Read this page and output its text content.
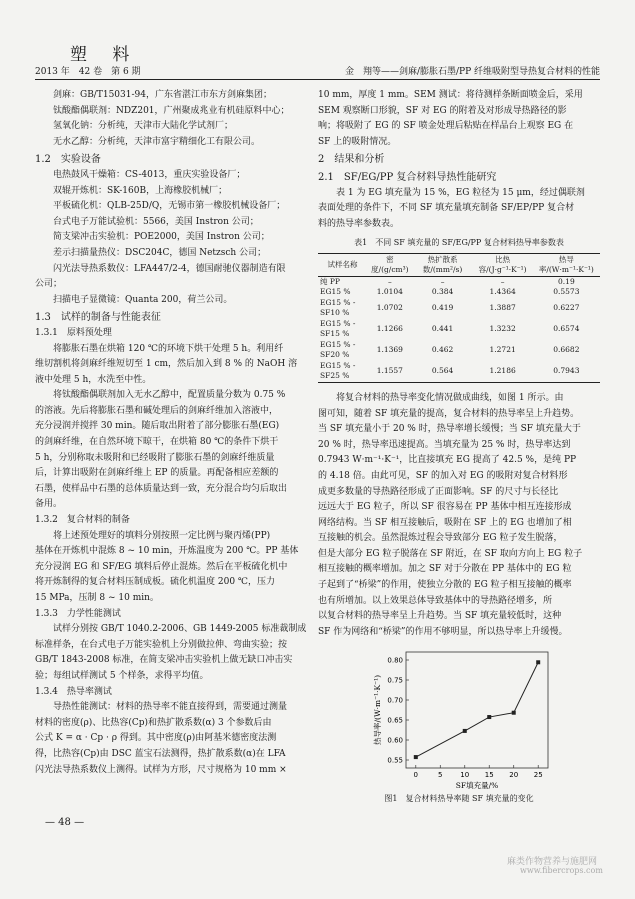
塑 料
2013 年　42 卷　第 6 期	金　翔等——剑麻/膨胀石墨/PP 纤维吸附型导热复合材料的性能
剑麻：GB/T15031-94，广东省湛江市东方剑麻集团；
钛酸酯偶联剂：NDZ201，广州聚成兆业有机硅原料中心；
氢氧化钠：分析纯，天津市大陆化学试剂厂；
无水乙醇：分析纯，天津市富宇精细化工有限公司。
1.2　实验设备
电热鼓风干燥箱：CS-4013，重庆实验设备厂；
双辊开炼机：SK-160B，上海橡胶机械厂；
平板硫化机：QLB-25D/Q，无锡市第一橡胶机械设备厂；
台式电子万能试验机：5566，美国 Instron 公司；
简支梁冲击实验机：POE2000，美国 Instron 公司；
差示扫描量热仪：DSC204C，德国 Netzsch 公司；
闪光法导热系数仪：LFA447/2-4，德国耐驰仪器制造有限
公司；
扫描电子显微镜：Quanta 200，荷兰公司。
1.3　试样的制备与性能表征
1.3.1　原料预处理
将膨胀石墨在烘箱 120 ℃的环境下烘干处理 5 h。利用纤
维切割机将剑麻纤维短切至 1 cm，然后加入到 8 % 的 NaOH 溶
液中处理 5 h，水洗至中性。
将钛酸酯偶联剂加入无水乙醇中，配置质量分数为 0.75 %
的溶液。先后将膨胀石墨和碱处理后的剑麻纤维加入溶液中，
充分浸润并搅拌 30 min。随后取出附着了部分膨胀石墨(EG)
的剑麻纤维，在自然环境下晾干，在烘箱 80 ℃的条件下烘干
5 h，分别称取未吸附和已经吸附了膨胀石墨的剑麻纤维质量
后，计算出吸附在剑麻纤维上 EP 的质量。再配备相应差额的
石墨，使样品中石墨的总体质量达到一致，充分混合均匀后取出
备用。
1.3.2　复合材料的制备
将上述预处理好的填料分别按照一定比例与聚丙烯(PP)
基体在开炼机中混炼 8 ~ 10 min，开炼温度为 200 ℃。PP 基体
充分浸润 EG 和 SF/EG 填料后停止混炼。然后在平板硫化机中
将开炼制得的复合材料压制成板。硫化机温度 200 ℃，压力
15 MPa，压制 8 ~ 10 min。
1.3.3　力学性能测试
试样分别按 GB/T 1040.2-2006、GB 1449-2005 标准裁制成
标准样条，在台式电子万能实验机上分别做拉伸、弯曲实验；按
GB/T 1843-2008 标准，在简支梁冲击实验机上做无缺口冲击实
验；每组试样测试 5 个样条，求得平均值。
1.3.4　热导率测试
导热性能测试：材料的热导率不能直接得到，需要通过测量
材料的密度(ρ)、比热容(Cp)和热扩散系数(α) 3 个参数后由
公式 K = α · Cp · ρ 得到。其中密度(ρ)由阿基米德密度法测
得，比热容(Cp)由 DSC 蓝宝石法测得，热扩散系数(α)在 LFA
闪光法导热系数仪上测得。试样为方形，尺寸规格为 10 mm ×
10 mm，厚度 1 mm。SEM 测试：将待测样条断面喷金后，采用
SEM 观察断口形貌，SF 对 EG 的附着及对形成导热路径的影
响；将吸附了 EG 的 SF 喷金处理后粘贴在样品台上观察 EG 在
SF 上的吸附情况。
2　结果和分析
2.1　SF/EG/PP 复合材料导热性能研究
表 1 为 EG 填充量为 15 %，EG 粒径为 15 μm，经过偶联剂
表面处理的条件下，不同 SF 填充量填充制备 SF/EP/PP 复合材
料的热导率参数表。
表1　不同 SF 填充量的 SF/EG/PP 复合材料热导率参数表
试样名称	密度/(g/cm³)	热扩散系数/(mm²/s)	比热容/(J·g⁻¹·K⁻¹)	热导率/(W·m⁻¹·K⁻¹)
纯 PP	–	–	–	0.19
EG15 %	1.0104	0.384	1.4364	0.5573
EG15 % -SF10 %	1.0702	0.419	1.3887	0.6227
EG15 % -SF15 %	1.1266	0.441	1.3232	0.6574
EG15 % -SF20 %	1.1369	0.462	1.2721	0.6682
EG15 % -SF25 %	1.1557	0.564	1.2186	0.7943
将复合材料的热导率变化情况做成曲线，如图 1 所示。由
图可知，随着 SF 填充量的提高，复合材料的热导率呈上升趋势。
当 SF 填充量小于 20 % 时，热导率增长缓慢；当 SF 填充量大于
20 % 时，热导率迅速提高。当填充量为 25 % 时，热导率达到
0.7943 W·m⁻¹·K⁻¹，比直接填充 EG 提高了 42.5 %，是纯 PP
的 4.18 倍。由此可见，SF 的加入对 EG 的吸附对复合材料形
成更多数量的导热路径形成了正面影响。SF 的尺寸与长径比
远远大于 EG 粒子，所以 SF 很容易在 PP 基体中相互连接形成
网络结构。当 SF 相互接触后，吸附在 SF 上的 EG 也增加了相
互接触的机会。虽然混炼过程会导致部分 EG 粒子发生脱落，
但是大部分 EG 粒子脱落在 SF 附近，在 SF 取向方向上 EG 粒子
相互接触的概率增加。加之 SF 对于分散在 PP 基体中的 EG 粒
子起到了“桥梁”的作用，使独立分散的 EG 粒子相互接触的概率
也有所增加。以上效果总体导致基体中的导热路径增多，所
以复合材料的热导率呈上升趋势。当 SF 填充量较低时，这种
SF 作为网络和“桥梁”的作用不够明显，所以热导率上升缓慢。
0	5	10 15 20 25
0.55
0.60
0.65
0.70
0.75
0.80
SF填充量/%
热导率/(W·m⁻¹·K⁻¹)
图1　复合材料热导率随 SF 填充量的变化
— 48 —
麻类作物营养与施肥网
www.fibercrops.com
